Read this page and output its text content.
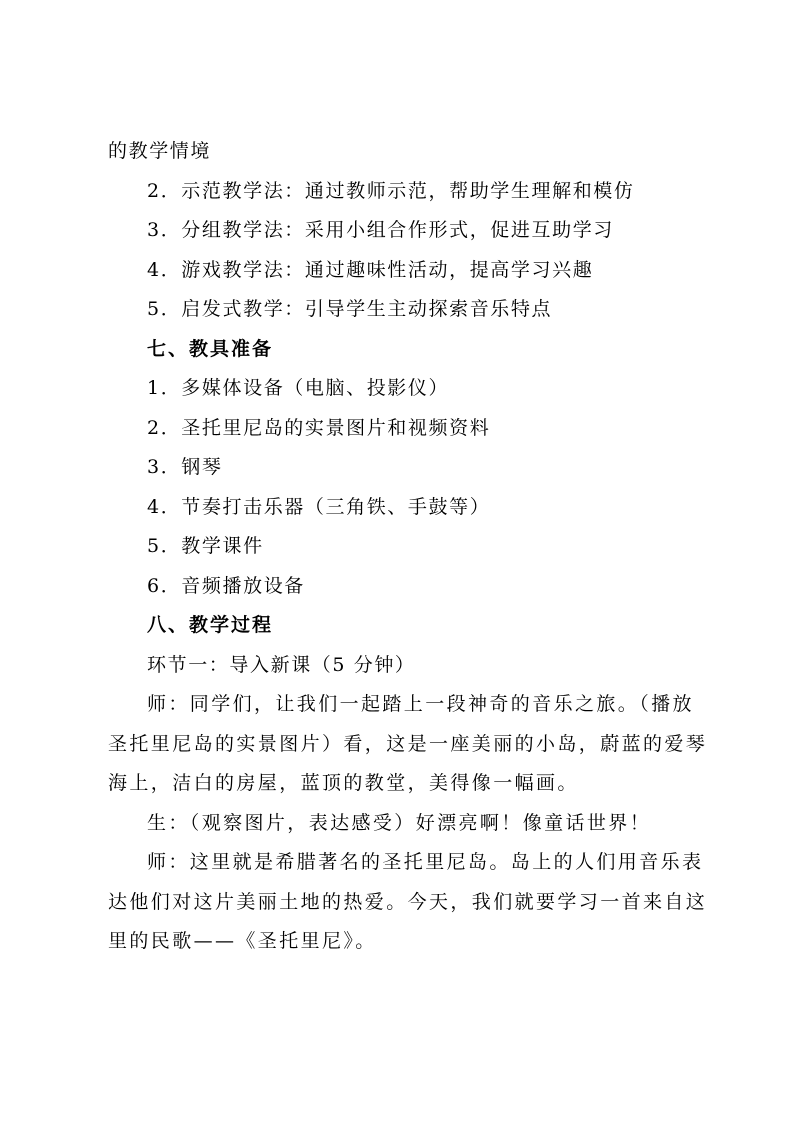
的教学情境
2．示范教学法：通过教师示范，帮助学生理解和模仿
3．分组教学法：采用小组合作形式，促进互助学习
4．游戏教学法：通过趣味性活动，提高学习兴趣
5．启发式教学：引导学生主动探索音乐特点
七、教具准备
1．多媒体设备（电脑、投影仪）
2．圣托里尼岛的实景图片和视频资料
3．钢琴
4．节奏打击乐器（三角铁、手鼓等）
5．教学课件
6．音频播放设备
八、教学过程
环节一：导入新课（5 分钟）
师：同学们，让我们一起踏上一段神奇的音乐之旅。（播放
圣托里尼岛的实景图片）看，这是一座美丽的小岛，蔚蓝的爱琴
海上，洁白的房屋，蓝顶的教堂，美得像一幅画。
生：（观察图片，表达感受）好漂亮啊！像童话世界！
师：这里就是希腊著名的圣托里尼岛。岛上的人们用音乐表
达他们对这片美丽土地的热爱。今天，我们就要学习一首来自这
里的民歌——《圣托里尼》。
